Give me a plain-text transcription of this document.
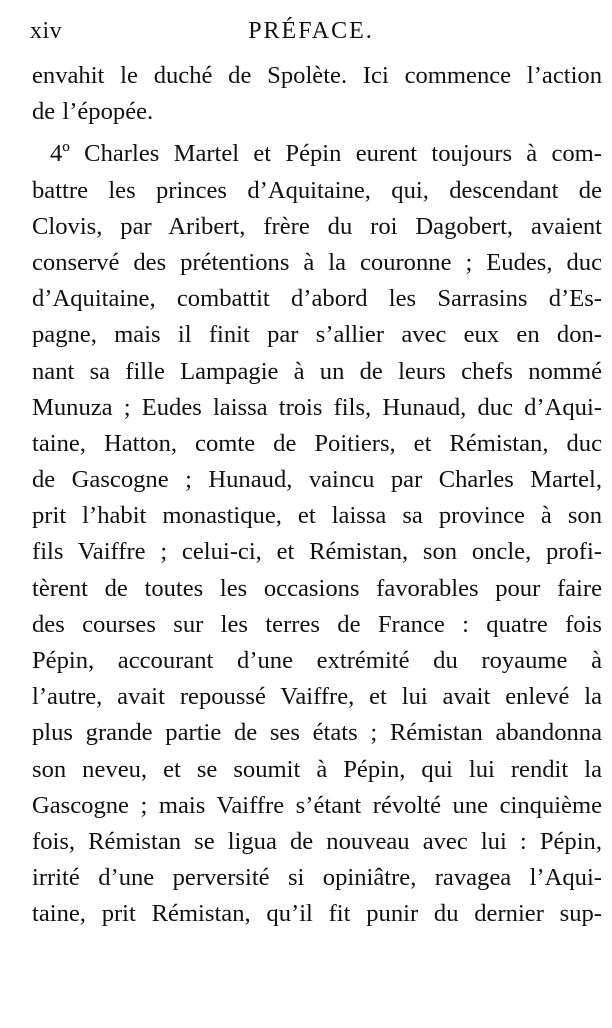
xiv	PRÉFACE.
envahit le duché de Spolète. Ici commence l’action
de l’épopée.
4º Charles Martel et Pépin eurent toujours à com-
battre les princes d’Aquitaine, qui, descendant de
Clovis, par Aribert, frère du roi Dagobert, avaient
conservé des prétentions à la couronne ; Eudes, duc
d’Aquitaine, combattit d’abord les Sarrasins d’Es-
pagne, mais il finit par s’allier avec eux en don-
nant sa fille Lampagie à un de leurs chefs nommé
Munuza ; Eudes laissa trois fils, Hunaud, duc d’Aqui-
taine, Hatton, comte de Poitiers, et Rémistan, duc
de Gascogne ; Hunaud, vaincu par Charles Martel,
prit l’habit monastique, et laissa sa province à son
fils Vaiffre ; celui-ci, et Rémistan, son oncle, profi-
tèrent de toutes les occasions favorables pour faire
des courses sur les terres de France : quatre fois
Pépin, accourant d’une extrémité du royaume à
l’autre, avait repoussé Vaiffre, et lui avait enlevé la
plus grande partie de ses états ; Rémistan abandonna
son neveu, et se soumit à Pépin, qui lui rendit la
Gascogne ; mais Vaiffre s’étant révolté une cinquième
fois, Rémistan se ligua de nouveau avec lui : Pépin,
irrité d’une perversité si opiniâtre, ravagea l’Aqui-
taine, prit Rémistan, qu’il fit punir du dernier sup-
